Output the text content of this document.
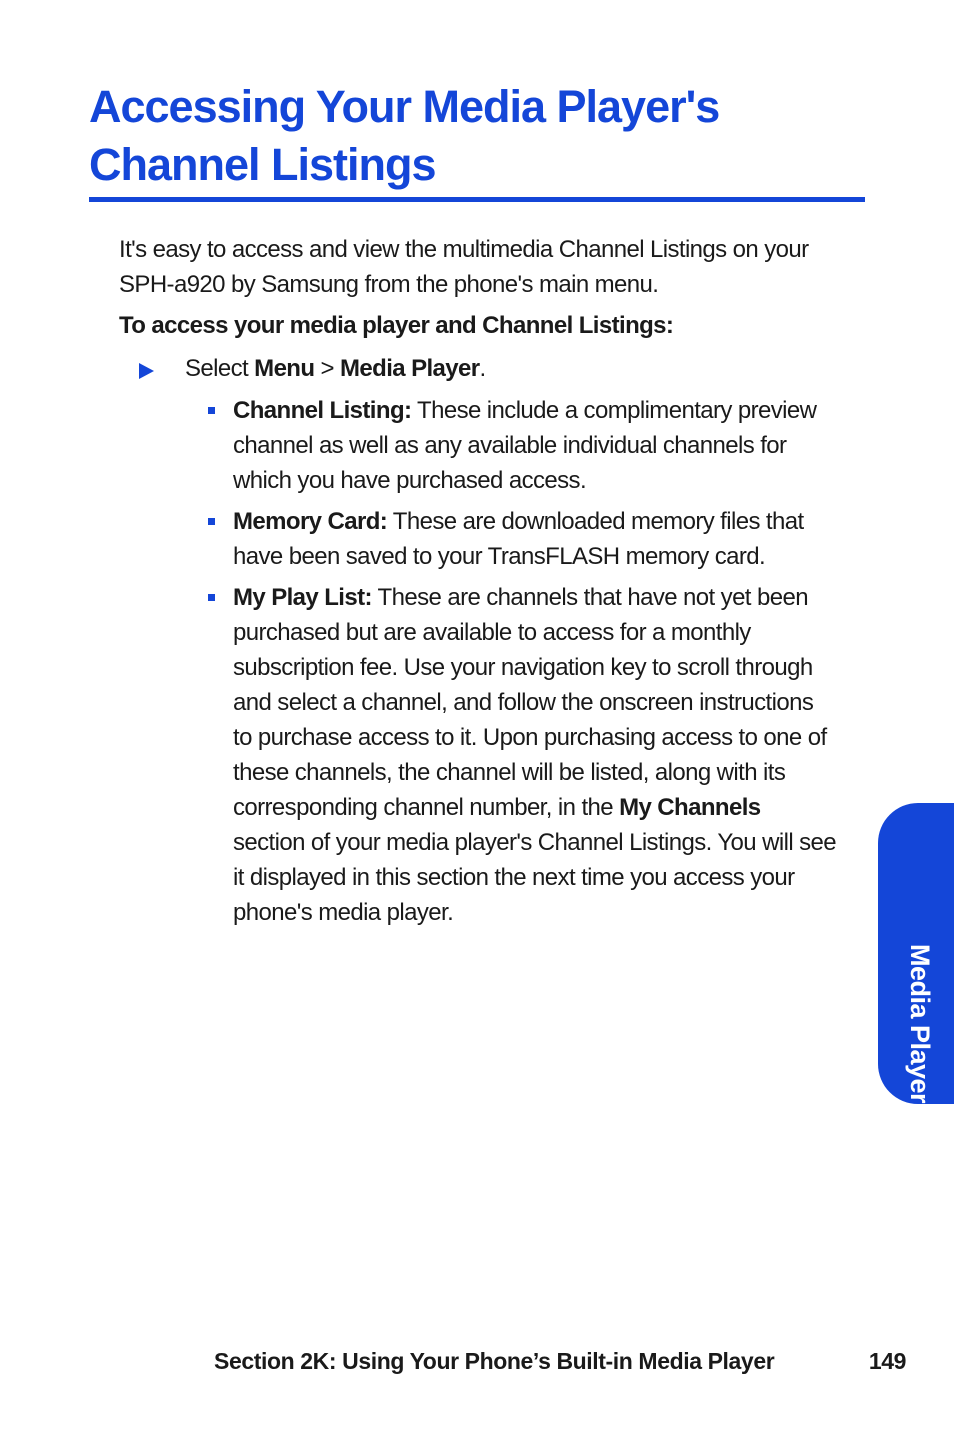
Accessing Your Media Player's Channel Listings

It's easy to access and view the multimedia Channel Listings on your SPH-a920 by Samsung from the phone's main menu.

To access your media player and Channel Listings:

Select Menu > Media Player.
Channel Listing: These include a complimentary preview channel as well as any available individual channels for which you have purchased access.
Memory Card: These are downloaded memory files that have been saved to your TransFLASH memory card.
My Play List: These are channels that have not yet been purchased but are available to access for a monthly subscription fee. Use your navigation key to scroll through and select a channel, and follow the onscreen instructions to purchase access to it. Upon purchasing access to one of these channels, the channel will be listed, along with its corresponding channel number, in the My Channels section of your media player's Channel Listings. You will see it displayed in this section the next time you access your phone's media player.
Media Player
Section 2K: Using Your Phone’s Built-in Media Player	149
